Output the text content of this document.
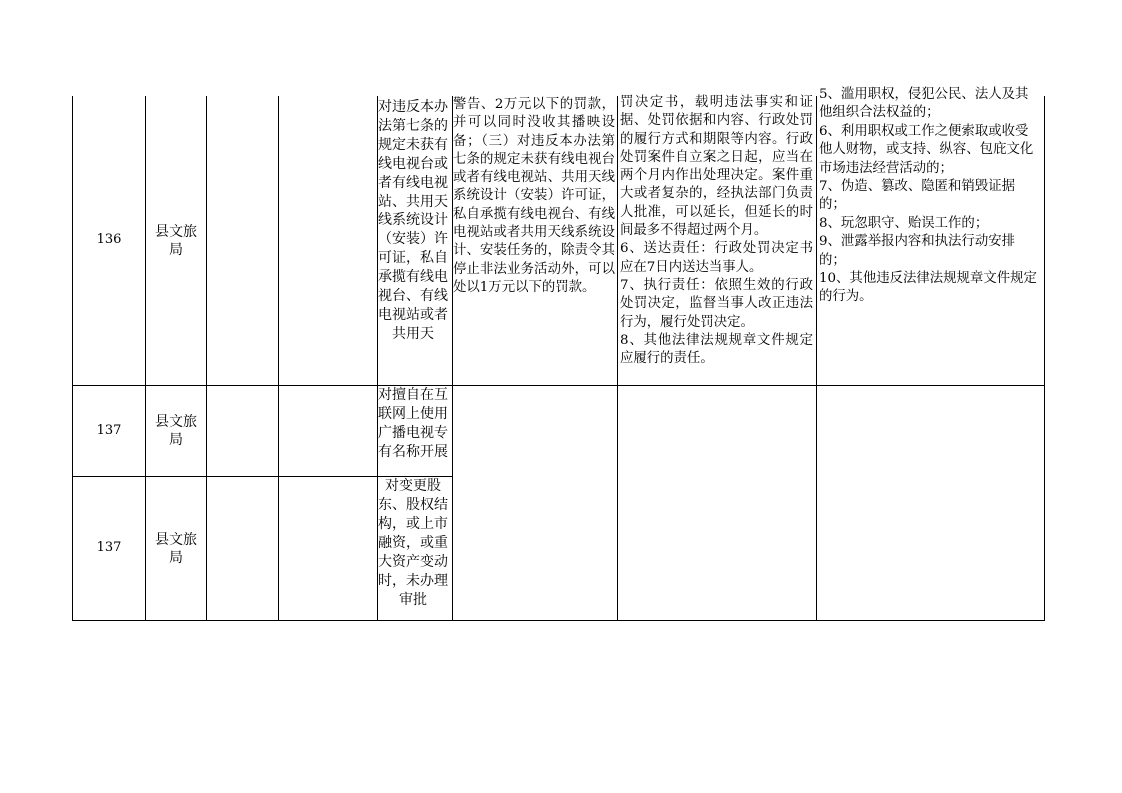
136
县文旅局
对违反本办法第七条的规定未获有线电视台或者有线电视站、共用天线系统设计（安装）许可证，私自承揽有线电视台、有线电视站或者共用天
警告、2万元以下的罚款，并可以同时没收其播映设备；（三）对违反本办法第七条的规定未获有线电视台或者有线电视站、共用天线系统设计（安装）许可证，私自承揽有线电视台、有线电视站或者共用天线系统设计、安装任务的，除责令其停止非法业务活动外，可以处以1万元以下的罚款。
罚决定书，载明违法事实和证据、处罚依据和内容、行政处罚的履行方式和期限等内容。行政处罚案件自立案之日起，应当在两个月内作出处理决定。案件重大或者复杂的，经执法部门负责人批准，可以延长，但延长的时间最多不得超过两个月。
6、送达责任：行政处罚决定书应在7日内送达当事人。
7、执行责任：依照生效的行政处罚决定，监督当事人改正违法行为，履行处罚决定。
8、其他法律法规规章文件规定应履行的责任。
5、滥用职权，侵犯公民、法人及其他组织合法权益的；
6、利用职权或工作之便索取或收受他人财物，或支持、纵容、包庇文化市场违法经营活动的；
7、伪造、篡改、隐匿和销毁证据的；
8、玩忽职守、贻误工作的；
9、泄露举报内容和执法行动安排的；
10、其他违反法律法规规章文件规定的行为。
137
县文旅局
对擅自在互联网上使用广播电视专有名称开展
137
县文旅局
对变更股东、股权结构，或上市融资，或重大资产变动时，未办理审批
